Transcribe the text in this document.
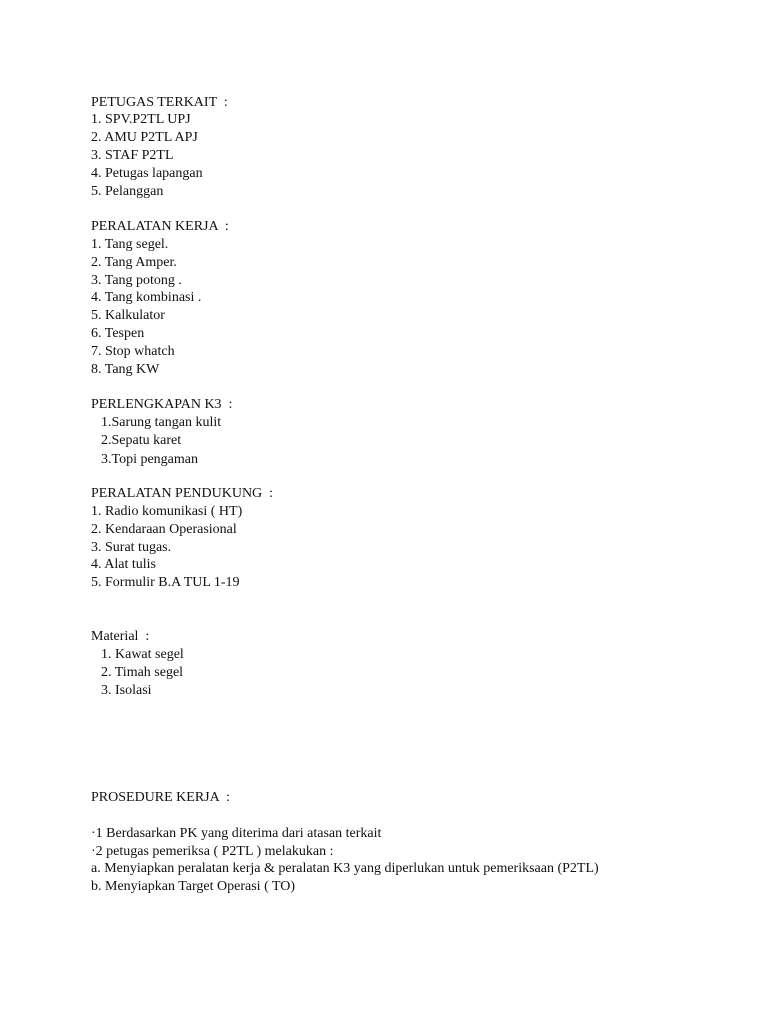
PETUGAS TERKAIT  :
1. SPV.P2TL UPJ
2. AMU P2TL APJ
3. STAF P2TL
4. Petugas lapangan
5. Pelanggan
PERALATAN KERJA  :
1. Tang segel.
2. Tang Amper.
3. Tang potong .
4. Tang kombinasi .
5. Kalkulator
6. Tespen
7. Stop whatch
8. Tang KW
PERLENGKAPAN K3  :
1.Sarung tangan kulit
2.Sepatu karet
3.Topi pengaman
PERALATAN PENDUKUNG  :
1. Radio komunikasi ( HT)
2. Kendaraan Operasional
3. Surat tugas.
4. Alat tulis
5. Formulir B.A TUL 1-19
Material  :
1. Kawat segel
2. Timah segel
3. Isolasi
PROSEDURE KERJA  :
·1 Berdasarkan PK yang diterima dari atasan terkait
·2 petugas pemeriksa ( P2TL ) melakukan :
a. Menyiapkan peralatan kerja & peralatan K3 yang diperlukan untuk pemeriksaan (P2TL)
b. Menyiapkan Target Operasi ( TO)
